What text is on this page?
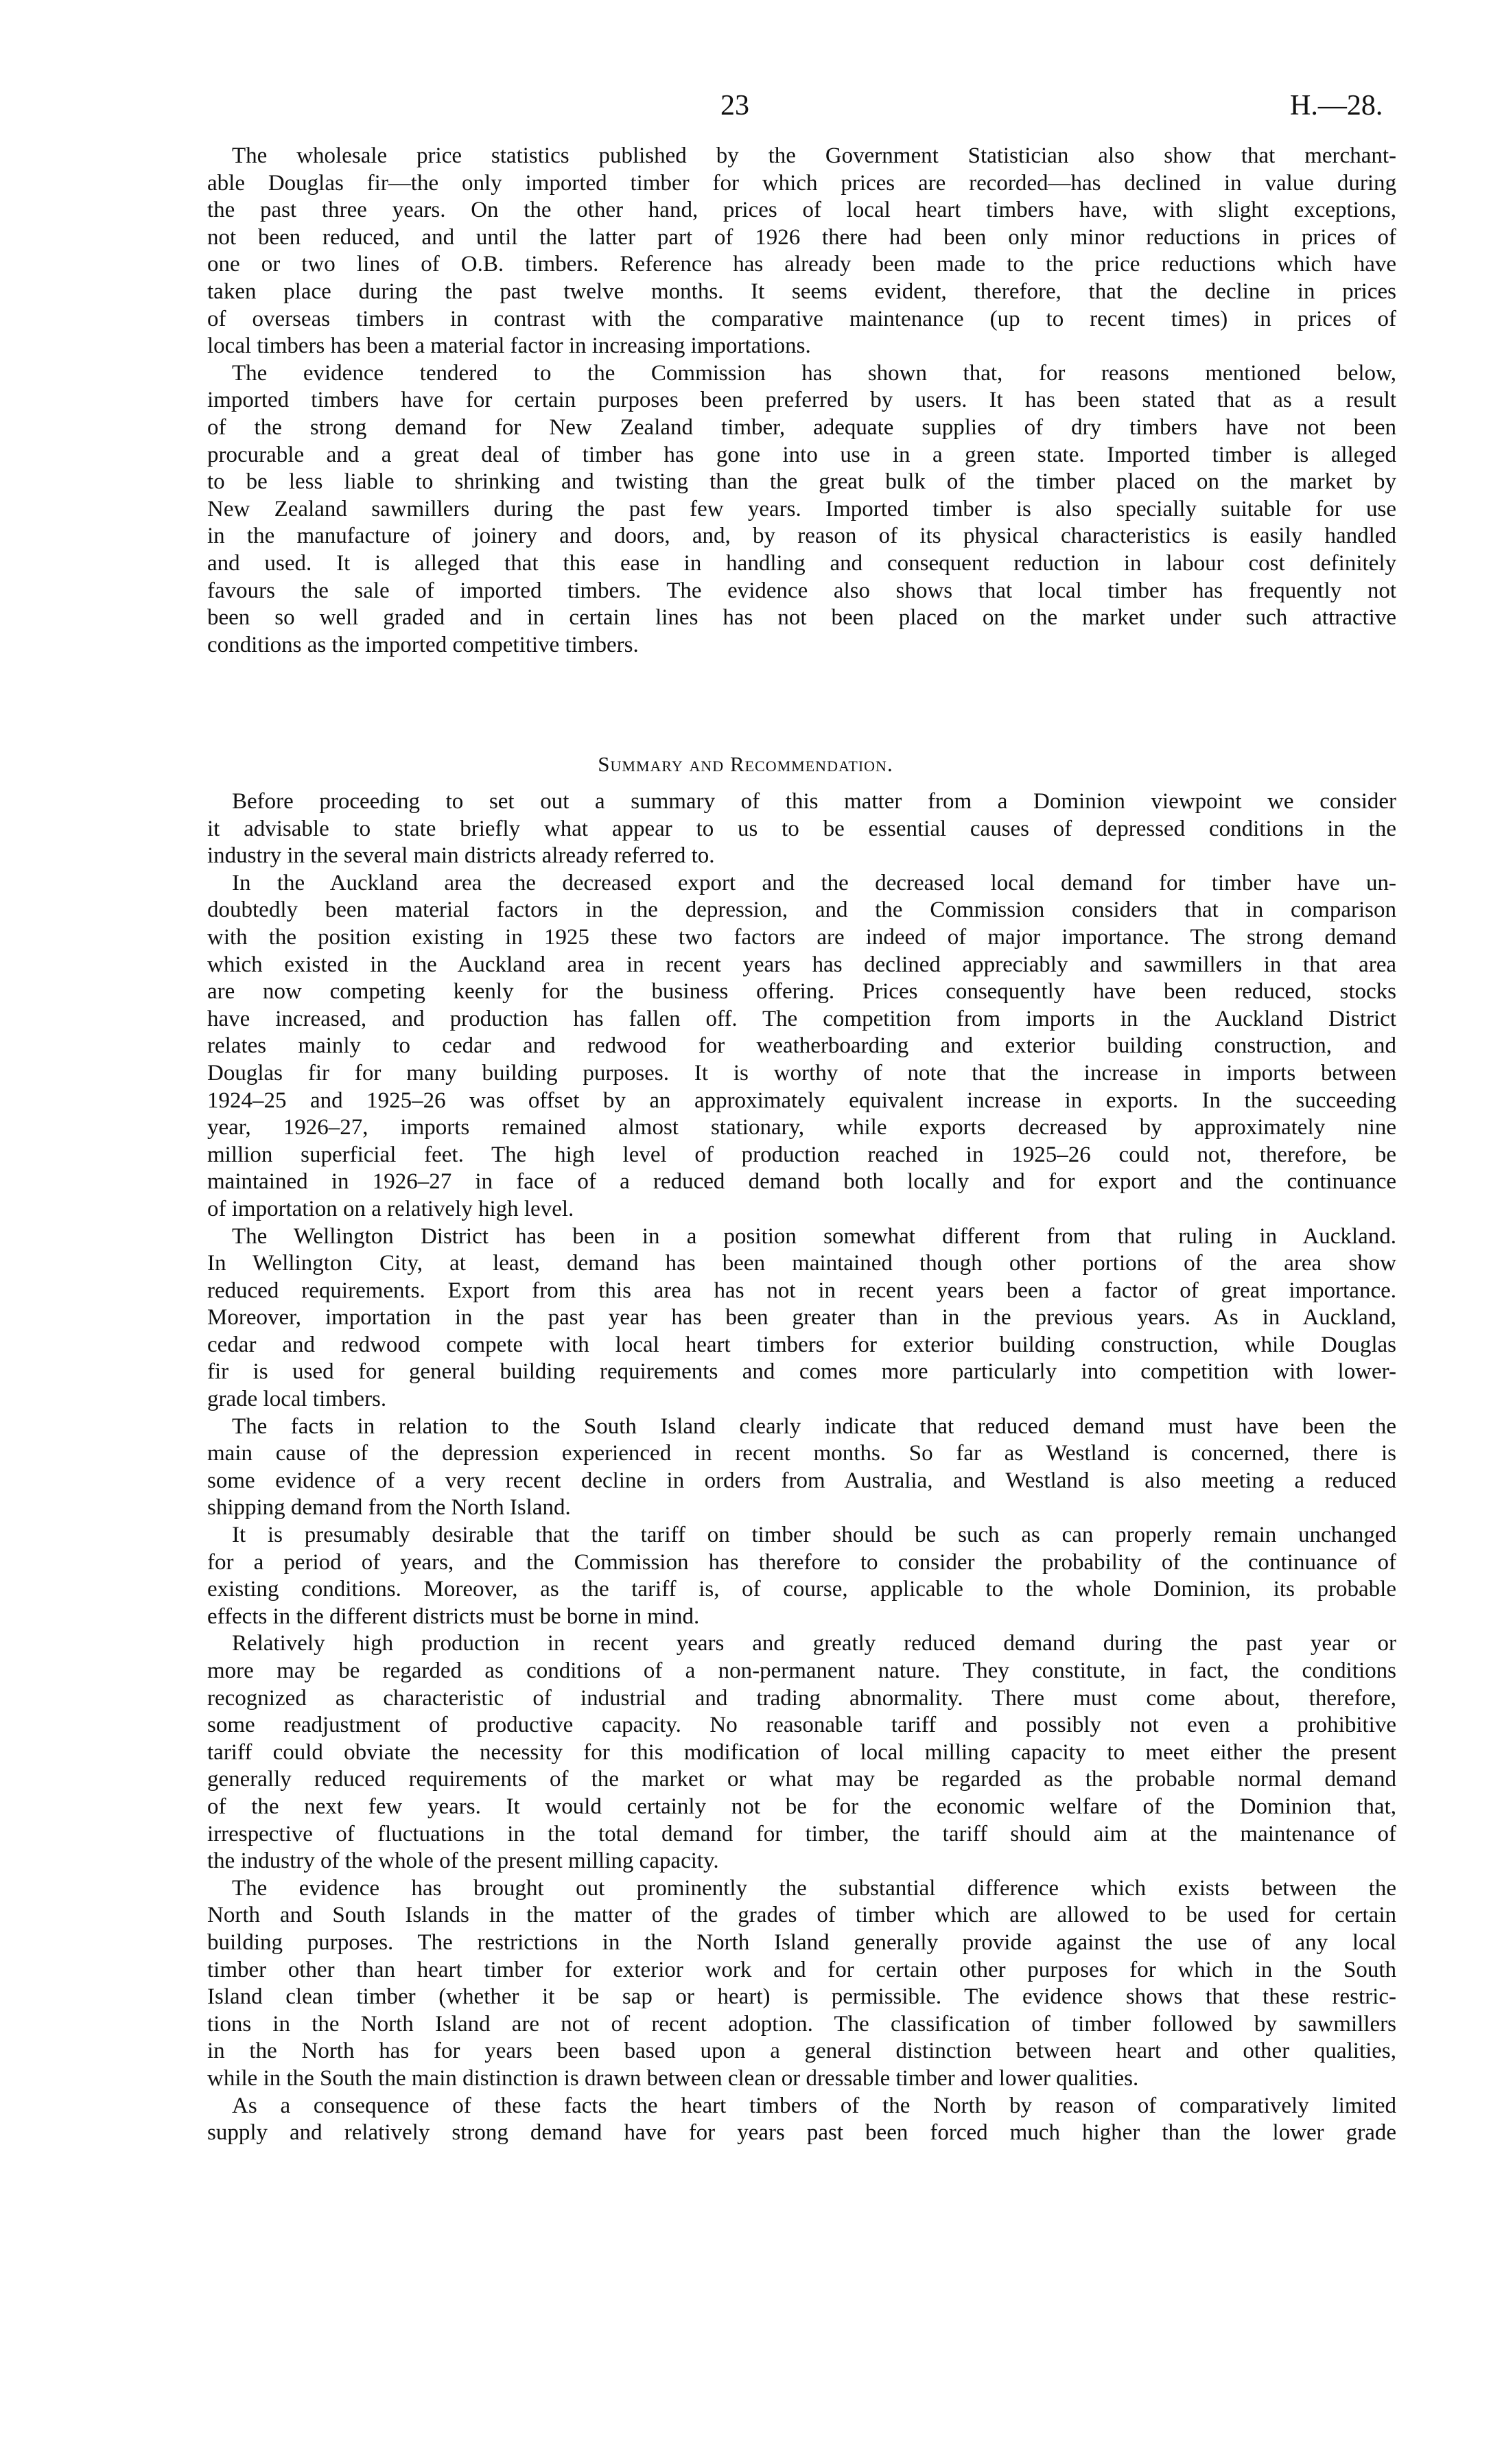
23	H.—28.
The wholesale price statistics published by the Government Statistician also show that merchant-
able Douglas fir—the only imported timber for which prices are recorded—has declined in value during
the past three years. On the other hand, prices of local heart timbers have, with slight exceptions,
not been reduced, and until the latter part of 1926 there had been only minor reductions in prices of
one or two lines of O.B. timbers. Reference has already been made to the price reductions which have
taken place during the past twelve months. It seems evident, therefore, that the decline in prices
of overseas timbers in contrast with the comparative maintenance (up to recent times) in prices of
local timbers has been a material factor in increasing importations.
The evidence tendered to the Commission has shown that, for reasons mentioned below,
imported timbers have for certain purposes been preferred by users. It has been stated that as a result
of the strong demand for New Zealand timber, adequate supplies of dry timbers have not been
procurable and a great deal of timber has gone into use in a green state. Imported timber is alleged
to be less liable to shrinking and twisting than the great bulk of the timber placed on the market by
New Zealand sawmillers during the past few years. Imported timber is also specially suitable for use
in the manufacture of joinery and doors, and, by reason of its physical characteristics is easily handled
and used. It is alleged that this ease in handling and consequent reduction in labour cost definitely
favours the sale of imported timbers. The evidence also shows that local timber has frequently not
been so well graded and in certain lines has not been placed on the market under such attractive
conditions as the imported competitive timbers.
Summary and Recommendation.
Before proceeding to set out a summary of this matter from a Dominion viewpoint we consider
it advisable to state briefly what appear to us to be essential causes of depressed conditions in the
industry in the several main districts already referred to.
In the Auckland area the decreased export and the decreased local demand for timber have un-
doubtedly been material factors in the depression, and the Commission considers that in comparison
with the position existing in 1925 these two factors are indeed of major importance. The strong demand
which existed in the Auckland area in recent years has declined appreciably and sawmillers in that area
are now competing keenly for the business offering. Prices consequently have been reduced, stocks
have increased, and production has fallen off. The competition from imports in the Auckland District
relates mainly to cedar and redwood for weatherboarding and exterior building construction, and
Douglas fir for many building purposes. It is worthy of note that the increase in imports between
1924–25 and 1925–26 was offset by an approximately equivalent increase in exports. In the succeeding
year, 1926–27, imports remained almost stationary, while exports decreased by approximately nine
million superficial feet. The high level of production reached in 1925–26 could not, therefore, be
maintained in 1926–27 in face of a reduced demand both locally and for export and the continuance
of importation on a relatively high level.
The Wellington District has been in a position somewhat different from that ruling in Auckland.
In Wellington City, at least, demand has been maintained though other portions of the area show
reduced requirements. Export from this area has not in recent years been a factor of great importance.
Moreover, importation in the past year has been greater than in the previous years. As in Auckland,
cedar and redwood compete with local heart timbers for exterior building construction, while Douglas
fir is used for general building requirements and comes more particularly into competition with lower-
grade local timbers.
The facts in relation to the South Island clearly indicate that reduced demand must have been the
main cause of the depression experienced in recent months. So far as Westland is concerned, there is
some evidence of a very recent decline in orders from Australia, and Westland is also meeting a reduced
shipping demand from the North Island.
It is presumably desirable that the tariff on timber should be such as can properly remain unchanged
for a period of years, and the Commission has therefore to consider the probability of the continuance of
existing conditions. Moreover, as the tariff is, of course, applicable to the whole Dominion, its probable
effects in the different districts must be borne in mind.
Relatively high production in recent years and greatly reduced demand during the past year or
more may be regarded as conditions of a non-permanent nature. They constitute, in fact, the conditions
recognized as characteristic of industrial and trading abnormality. There must come about, therefore,
some readjustment of productive capacity. No reasonable tariff and possibly not even a prohibitive
tariff could obviate the necessity for this modification of local milling capacity to meet either the present
generally reduced requirements of the market or what may be regarded as the probable normal demand
of the next few years. It would certainly not be for the economic welfare of the Dominion that,
irrespective of fluctuations in the total demand for timber, the tariff should aim at the maintenance of
the industry of the whole of the present milling capacity.
The evidence has brought out prominently the substantial difference which exists between the
North and South Islands in the matter of the grades of timber which are allowed to be used for certain
building purposes. The restrictions in the North Island generally provide against the use of any local
timber other than heart timber for exterior work and for certain other purposes for which in the South
Island clean timber (whether it be sap or heart) is permissible. The evidence shows that these restric-
tions in the North Island are not of recent adoption. The classification of timber followed by sawmillers
in the North has for years been based upon a general distinction between heart and other qualities,
while in the South the main distinction is drawn between clean or dressable timber and lower qualities.
As a consequence of these facts the heart timbers of the North by reason of comparatively limited
supply and relatively strong demand have for years past been forced much higher than the lower grade
